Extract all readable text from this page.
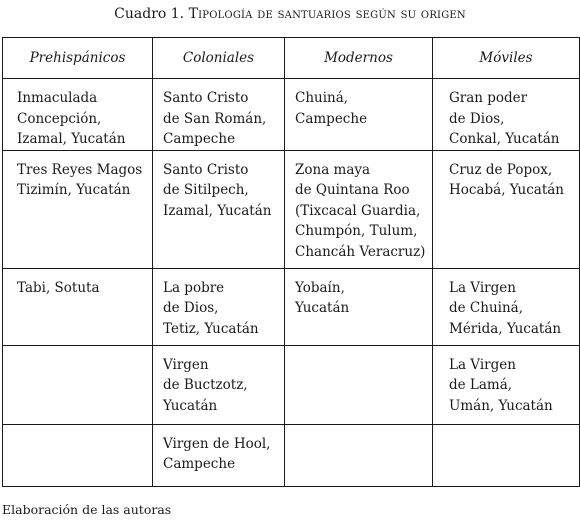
Cuadro 1. Tipología de santuarios según su origen
Prehispánicos	Coloniales	Modernos	Móviles

Inmaculada
Concepción,
Izamal, Yucatán	Santo Cristo
de San Román,
Campeche	Chuiná,
Campeche	Gran poder
de Dios,
Conkal, Yucatán

Tres Reyes Magos
Tizimín, Yucatán	Santo Cristo
de Sitilpech,
Izamal, Yucatán	Zona maya
de Quintana Roo
(Tixcacal Guardia,
Chumpón, Tulum,
Chancáh Veracruz)	Cruz de Popox,
Hocabá, Yucatán

Tabi, Sotuta	La pobre
de Dios,
Tetiz, Yucatán	Yobaín,
Yucatán	La Virgen
de Chuiná,
Mérida, Yucatán

	Virgen
de Buctzotz,
Yucatán		La Virgen
de Lamá,
Umán, Yucatán

	Virgen de Hool,
Campeche		

Elaboración de las autoras
